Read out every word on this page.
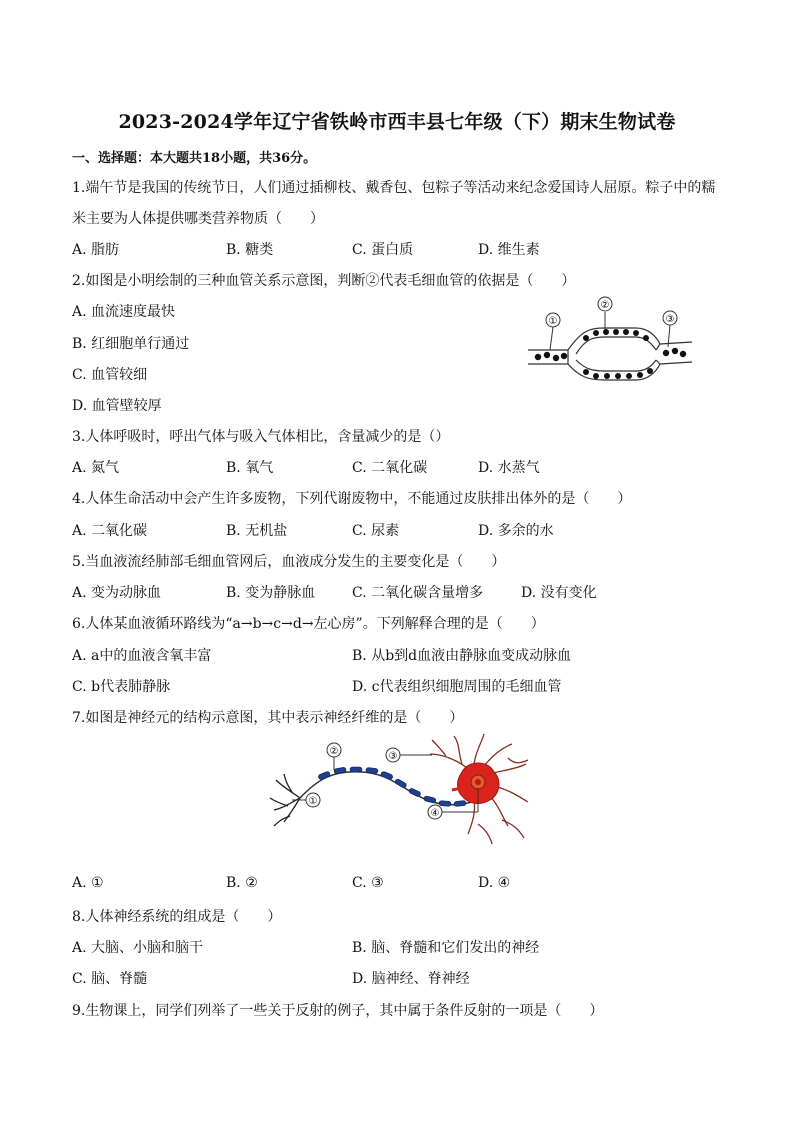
2023-2024学年辽宁省铁岭市西丰县七年级（下）期末生物试卷
一、选择题：本大题共18小题，共36分。
1.端午节是我国的传统节日，人们通过插柳枝、戴香包、包粽子等活动来纪念爱国诗人屈原。粽子中的糯
米主要为人体提供哪类营养物质（　　）
A. 脂肪	B. 糖类	C. 蛋白质	D. 维生素
2.如图是小明绘制的三种血管关系示意图，判断②代表毛细血管的依据是（　　）
A. 血流速度最快
B. 红细胞单行通过
C. 血管较细
D. 血管壁较厚
①
②
③
3.人体呼吸时，呼出气体与吸入气体相比，含量减少的是（）
A. 氮气	B. 氧气	C. 二氧化碳	D. 水蒸气
4.人体生命活动中会产生许多废物，下列代谢废物中，不能通过皮肤排出体外的是（　　）
A. 二氧化碳	B. 无机盐	C. 尿素	D. 多余的水
5.当血液流经肺部毛细血管网后，血液成分发生的主要变化是（　　）
A. 变为动脉血	B. 变为静脉血	C. 二氧化碳含量增多	D. 没有变化
6.人体某血液循环路线为“a→b→c→d→左心房”。下列解释合理的是（　　）
A. a中的血液含氧丰富	B. 从b到d血液由静脉血变成动脉血
C. b代表肺静脉	D. c代表组织细胞周围的毛细血管
7.如图是神经元的结构示意图，其中表示神经纤维的是（　　）
①
②	③
④
A. ①	B. ②	C. ③	D. ④
8.人体神经系统的组成是（　　）
A. 大脑、小脑和脑干	B. 脑、脊髓和它们发出的神经
C. 脑、脊髓	D. 脑神经、脊神经
9.生物课上，同学们列举了一些关于反射的例子，其中属于条件反射的一项是（　　）
